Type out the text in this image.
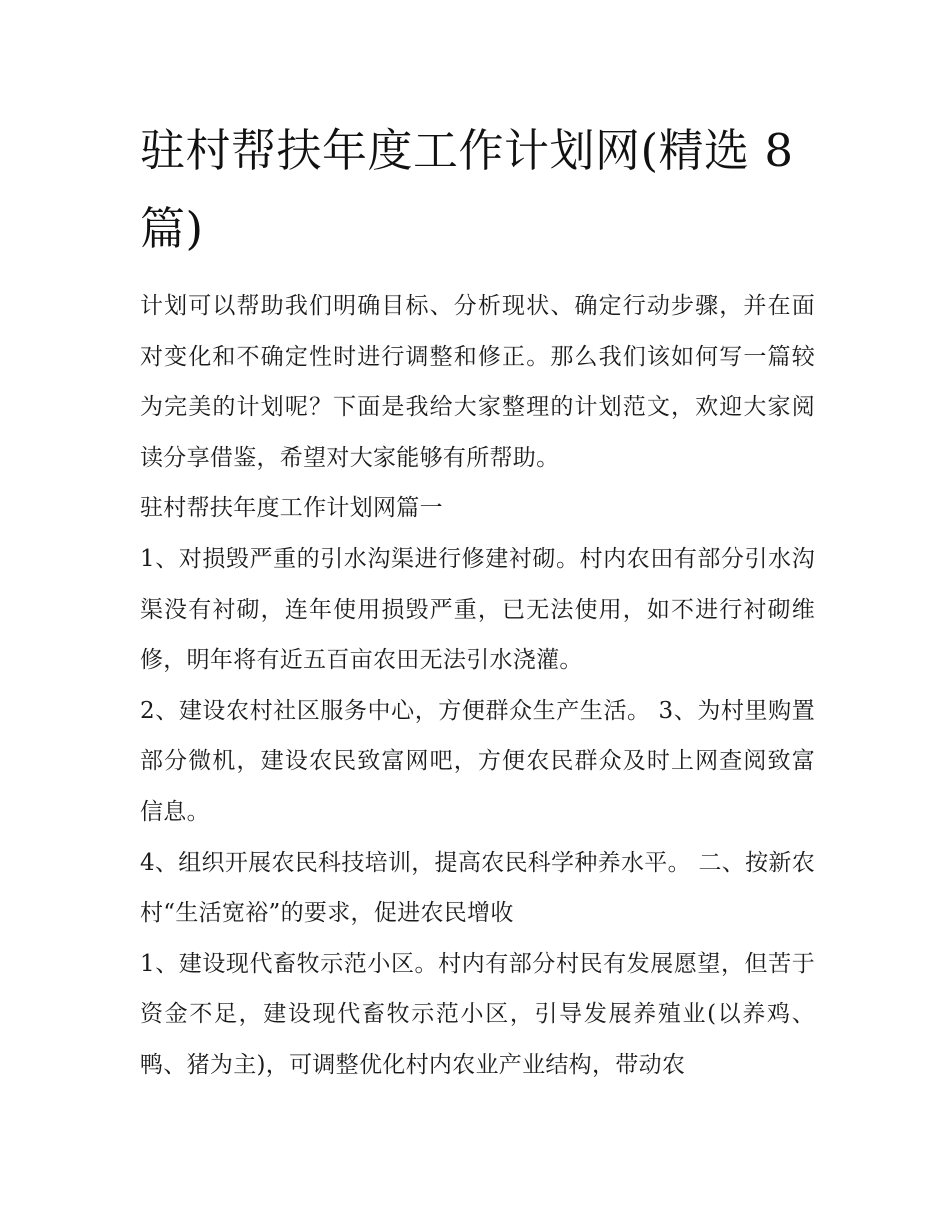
驻村帮扶年度工作计划网(精选 8 篇)

计划可以帮助我们明确目标、分析现状、确定行动步骤，并在面对变化和不确定性时进行调整和修正。那么我们该如何写一篇较为完美的计划呢？下面是我给大家整理的计划范文，欢迎大家阅读分享借鉴，希望对大家能够有所帮助。

驻村帮扶年度工作计划网篇一

1、对损毁严重的引水沟渠进行修建衬砌。村内农田有部分引水沟渠没有衬砌，连年使用损毁严重，已无法使用，如不进行衬砌维修，明年将有近五百亩农田无法引水浇灌。

2、建设农村社区服务中心，方便群众生产生活。 3、为村里购置部分微机，建设农民致富网吧，方便农民群众及时上网查阅致富信息。

4、组织开展农民科技培训，提高农民科学种养水平。 二、按新农村“生活宽裕”的要求，促进农民增收

1、建设现代畜牧示范小区。村内有部分村民有发展愿望，但苦于资金不足，建设现代畜牧示范小区，引导发展养殖业(以养鸡、鸭、猪为主)，可调整优化村内农业产业结构，带动农
